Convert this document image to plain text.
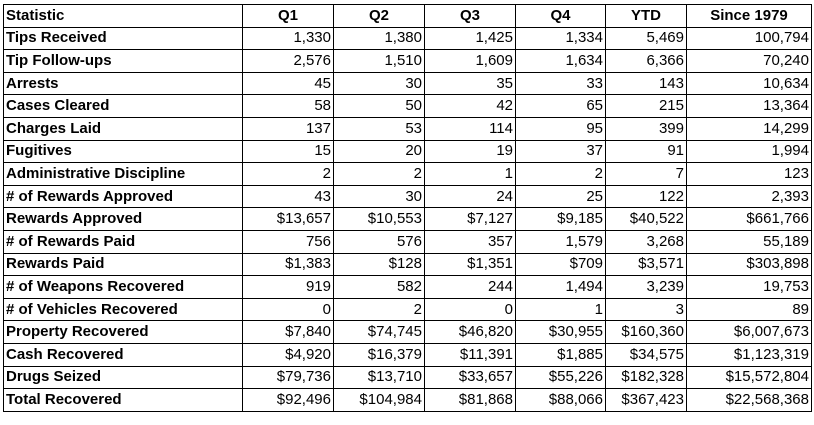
Statistic	Q1	Q2	Q3	Q4	YTD	Since 1979
Tips Received	1,330	1,380	1,425	1,334	5,469	100,794
Tip Follow-ups	2,576	1,510	1,609	1,634	6,366	70,240
Arrests	45	30	35	33	143	10,634
Cases Cleared	58	50	42	65	215	13,364
Charges Laid	137	53	114	95	399	14,299
Fugitives	15	20	19	37	91	1,994
Administrative Discipline	2	2	1	2	7	123
# of Rewards Approved	43	30	24	25	122	2,393
Rewards Approved	$13,657	$10,553	$7,127	$9,185	$40,522	$661,766
# of Rewards Paid	756	576	357	1,579	3,268	55,189
Rewards Paid	$1,383	$128	$1,351	$709	$3,571	$303,898
# of Weapons Recovered	919	582	244	1,494	3,239	19,753
# of Vehicles Recovered	0	2	0	1	3	89
Property Recovered	$7,840	$74,745	$46,820	$30,955	$160,360	$6,007,673
Cash Recovered	$4,920	$16,379	$11,391	$1,885	$34,575	$1,123,319
Drugs Seized	$79,736	$13,710	$33,657	$55,226	$182,328	$15,572,804
Total Recovered	$92,496	$104,984	$81,868	$88,066	$367,423	$22,568,368
